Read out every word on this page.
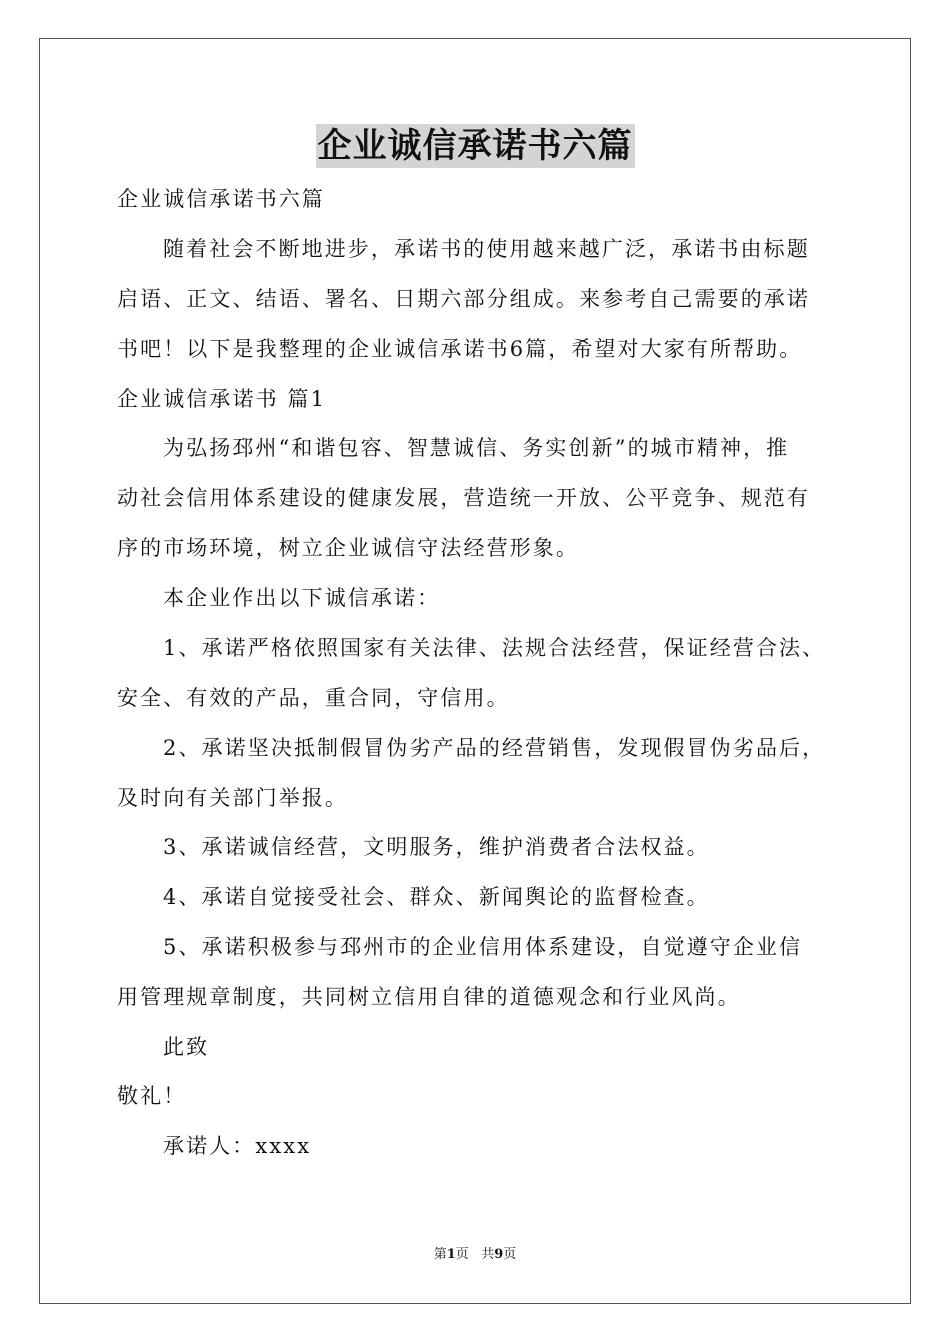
企业诚信承诺书六篇
企业诚信承诺书六篇
随着社会不断地进步，承诺书的使用越来越广泛，承诺书由标题
启语、正文、结语、署名、日期六部分组成。来参考自己需要的承诺
书吧！以下是我整理的企业诚信承诺书6篇，希望对大家有所帮助。
企业诚信承诺书 篇1
为弘扬邳州“和谐包容、智慧诚信、务实创新”的城市精神，推
动社会信用体系建设的健康发展，营造统一开放、公平竞争、规范有
序的市场环境，树立企业诚信守法经营形象。
本企业作出以下诚信承诺：
1、承诺严格依照国家有关法律、法规合法经营，保证经营合法、
安全、有效的产品，重合同，守信用。
2、承诺坚决抵制假冒伪劣产品的经营销售，发现假冒伪劣品后，
及时向有关部门举报。
3、承诺诚信经营，文明服务，维护消费者合法权益。
4、承诺自觉接受社会、群众、新闻舆论的监督检查。
5、承诺积极参与邳州市的企业信用体系建设，自觉遵守企业信
用管理规章制度，共同树立信用自律的道德观念和行业风尚。
此致
敬礼！
承诺人：xxxx
第1页 共9页
